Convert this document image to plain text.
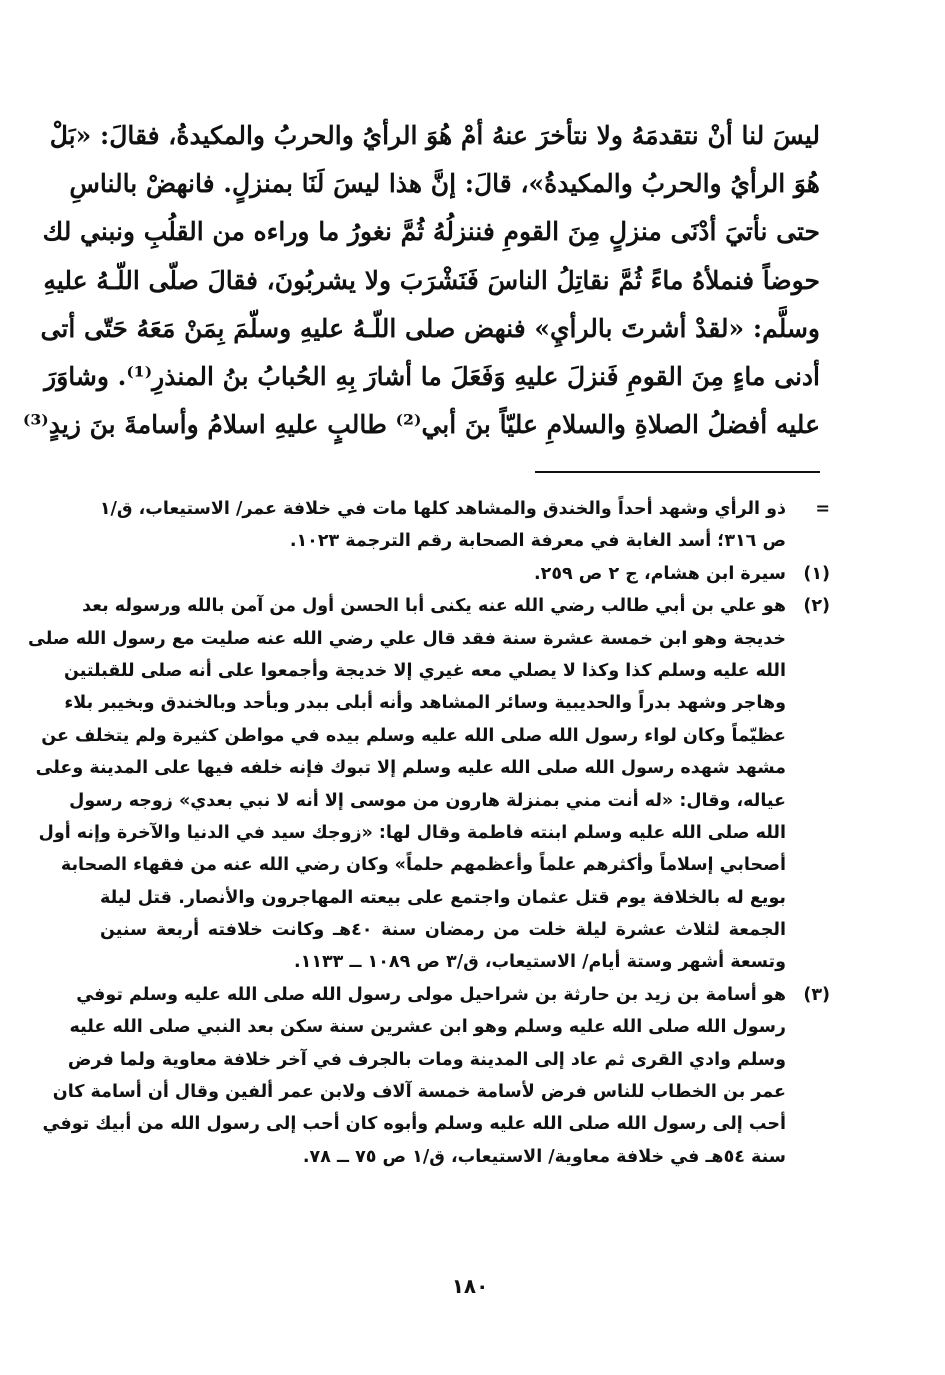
ليسَ لنا أنْ نتقدمَهُ ولا نتأخرَ عنهُ أمْ هُوَ الرأيُ والحربُ والمكيدةُ، فقالَ: «بَلْ
هُوَ الرأيُ والحربُ والمكيدةُ»، قالَ: إنَّ هذا ليسَ لَنَا بمنزلٍ. فانهضْ بالناسِ
حتى نأتيَ أدْنَى منزلٍ مِنَ القومِ فننزلُهُ ثُمَّ نغورُ ما وراءه من القلُبِ ونبني لك
حوضاً فنملأهُ ماءً ثُمَّ نقاتِلُ الناسَ فَنَشْرَبَ ولا يشربُونَ، فقالَ صلّى اللّـهُ عليهِ
وسلَّم: «لقدْ أشرتَ بالرأيِ» فنهض صلى اللّـهُ عليهِ وسلّمَ بِمَنْ مَعَهُ حَتّى أتى
أدنى ماءٍ مِنَ القومِ فَنزلَ عليهِ وَفَعَلَ ما أشارَ بِهِ الحُبابُ بنُ المنذرِ⁽¹⁾. وشاوَرَ
عليه أفضلُ الصلاةِ والسلامِ عليّاً بنَ أبي⁽²⁾ طالبٍ عليهِ اسلامُ وأسامةَ بنَ زيدٍ⁽³⁾
=
ذو الرأي وشهد أحداً والخندق والمشاهد كلها مات في خلافة عمر/ الاستيعاب، ق/١
ص ٣١٦؛ أسد الغابة في معرفة الصحابة رقم الترجمة ١٠٢٣.
(١)
سيرة ابن هشام، ج ٢ ص ٢٥٩.
(٢)
هو علي بن أبي طالب رضي الله عنه يكنى أبا الحسن أول من آمن بالله ورسوله بعد
خديجة وهو ابن خمسة عشرة سنة فقد قال علي رضي الله عنه صليت مع رسول الله صلى
الله عليه وسلم كذا وكذا لا يصلي معه غيري إلا خديجة وأجمعوا على أنه صلى للقبلتين
وهاجر وشهد بدراً والحديبية وسائر المشاهد وأنه أبلى ببدر وبأحد وبالخندق وبخيبر بلاء
عظيّماً وكان لواء رسول الله صلى الله عليه وسلم بيده في مواطن كثيرة ولم يتخلف عن
مشهد شهده رسول الله صلى الله عليه وسلم إلا تبوك فإنه خلفه فيها على المدينة وعلى
عياله، وقال: «له أنت مني بمنزلة هارون من موسى إلا أنه لا نبي بعدي» زوجه رسول
الله صلى الله عليه وسلم ابنته فاطمة وقال لها: «زوجك سيد في الدنيا والآخرة وإنه أول
أصحابي إسلاماً وأكثرهم علماً وأعظمهم حلماً» وكان رضي الله عنه من فقهاء الصحابة
بويع له بالخلافة يوم قتل عثمان واجتمع على بيعته المهاجرون والأنصار. قتل ليلة
الجمعة لثلاث عشرة ليلة خلت من رمضان سنة ٤٠هـ وكانت خلافته أربعة سنين
وتسعة أشهر وستة أيام/ الاستيعاب، ق/٣ ص ١٠٨٩ ــ ١١٣٣.
(٣)
هو أسامة بن زيد بن حارثة بن شراحيل مولى رسول الله صلى الله عليه وسلم توفي
رسول الله صلى الله عليه وسلم وهو ابن عشرين سنة سكن بعد النبي صلى الله عليه
وسلم وادي القرى ثم عاد إلى المدينة ومات بالجرف في آخر خلافة معاوية ولما فرض
عمر بن الخطاب للناس فرض لأسامة خمسة آلاف ولابن عمر ألفين وقال أن أسامة كان
أحب إلى رسول الله صلى الله عليه وسلم وأبوه كان أحب إلى رسول الله من أبيك توفي
سنة ٥٤هـ في خلافة معاوية/ الاستيعاب، ق/١ ص ٧٥ ــ ٧٨.
١٨٠
